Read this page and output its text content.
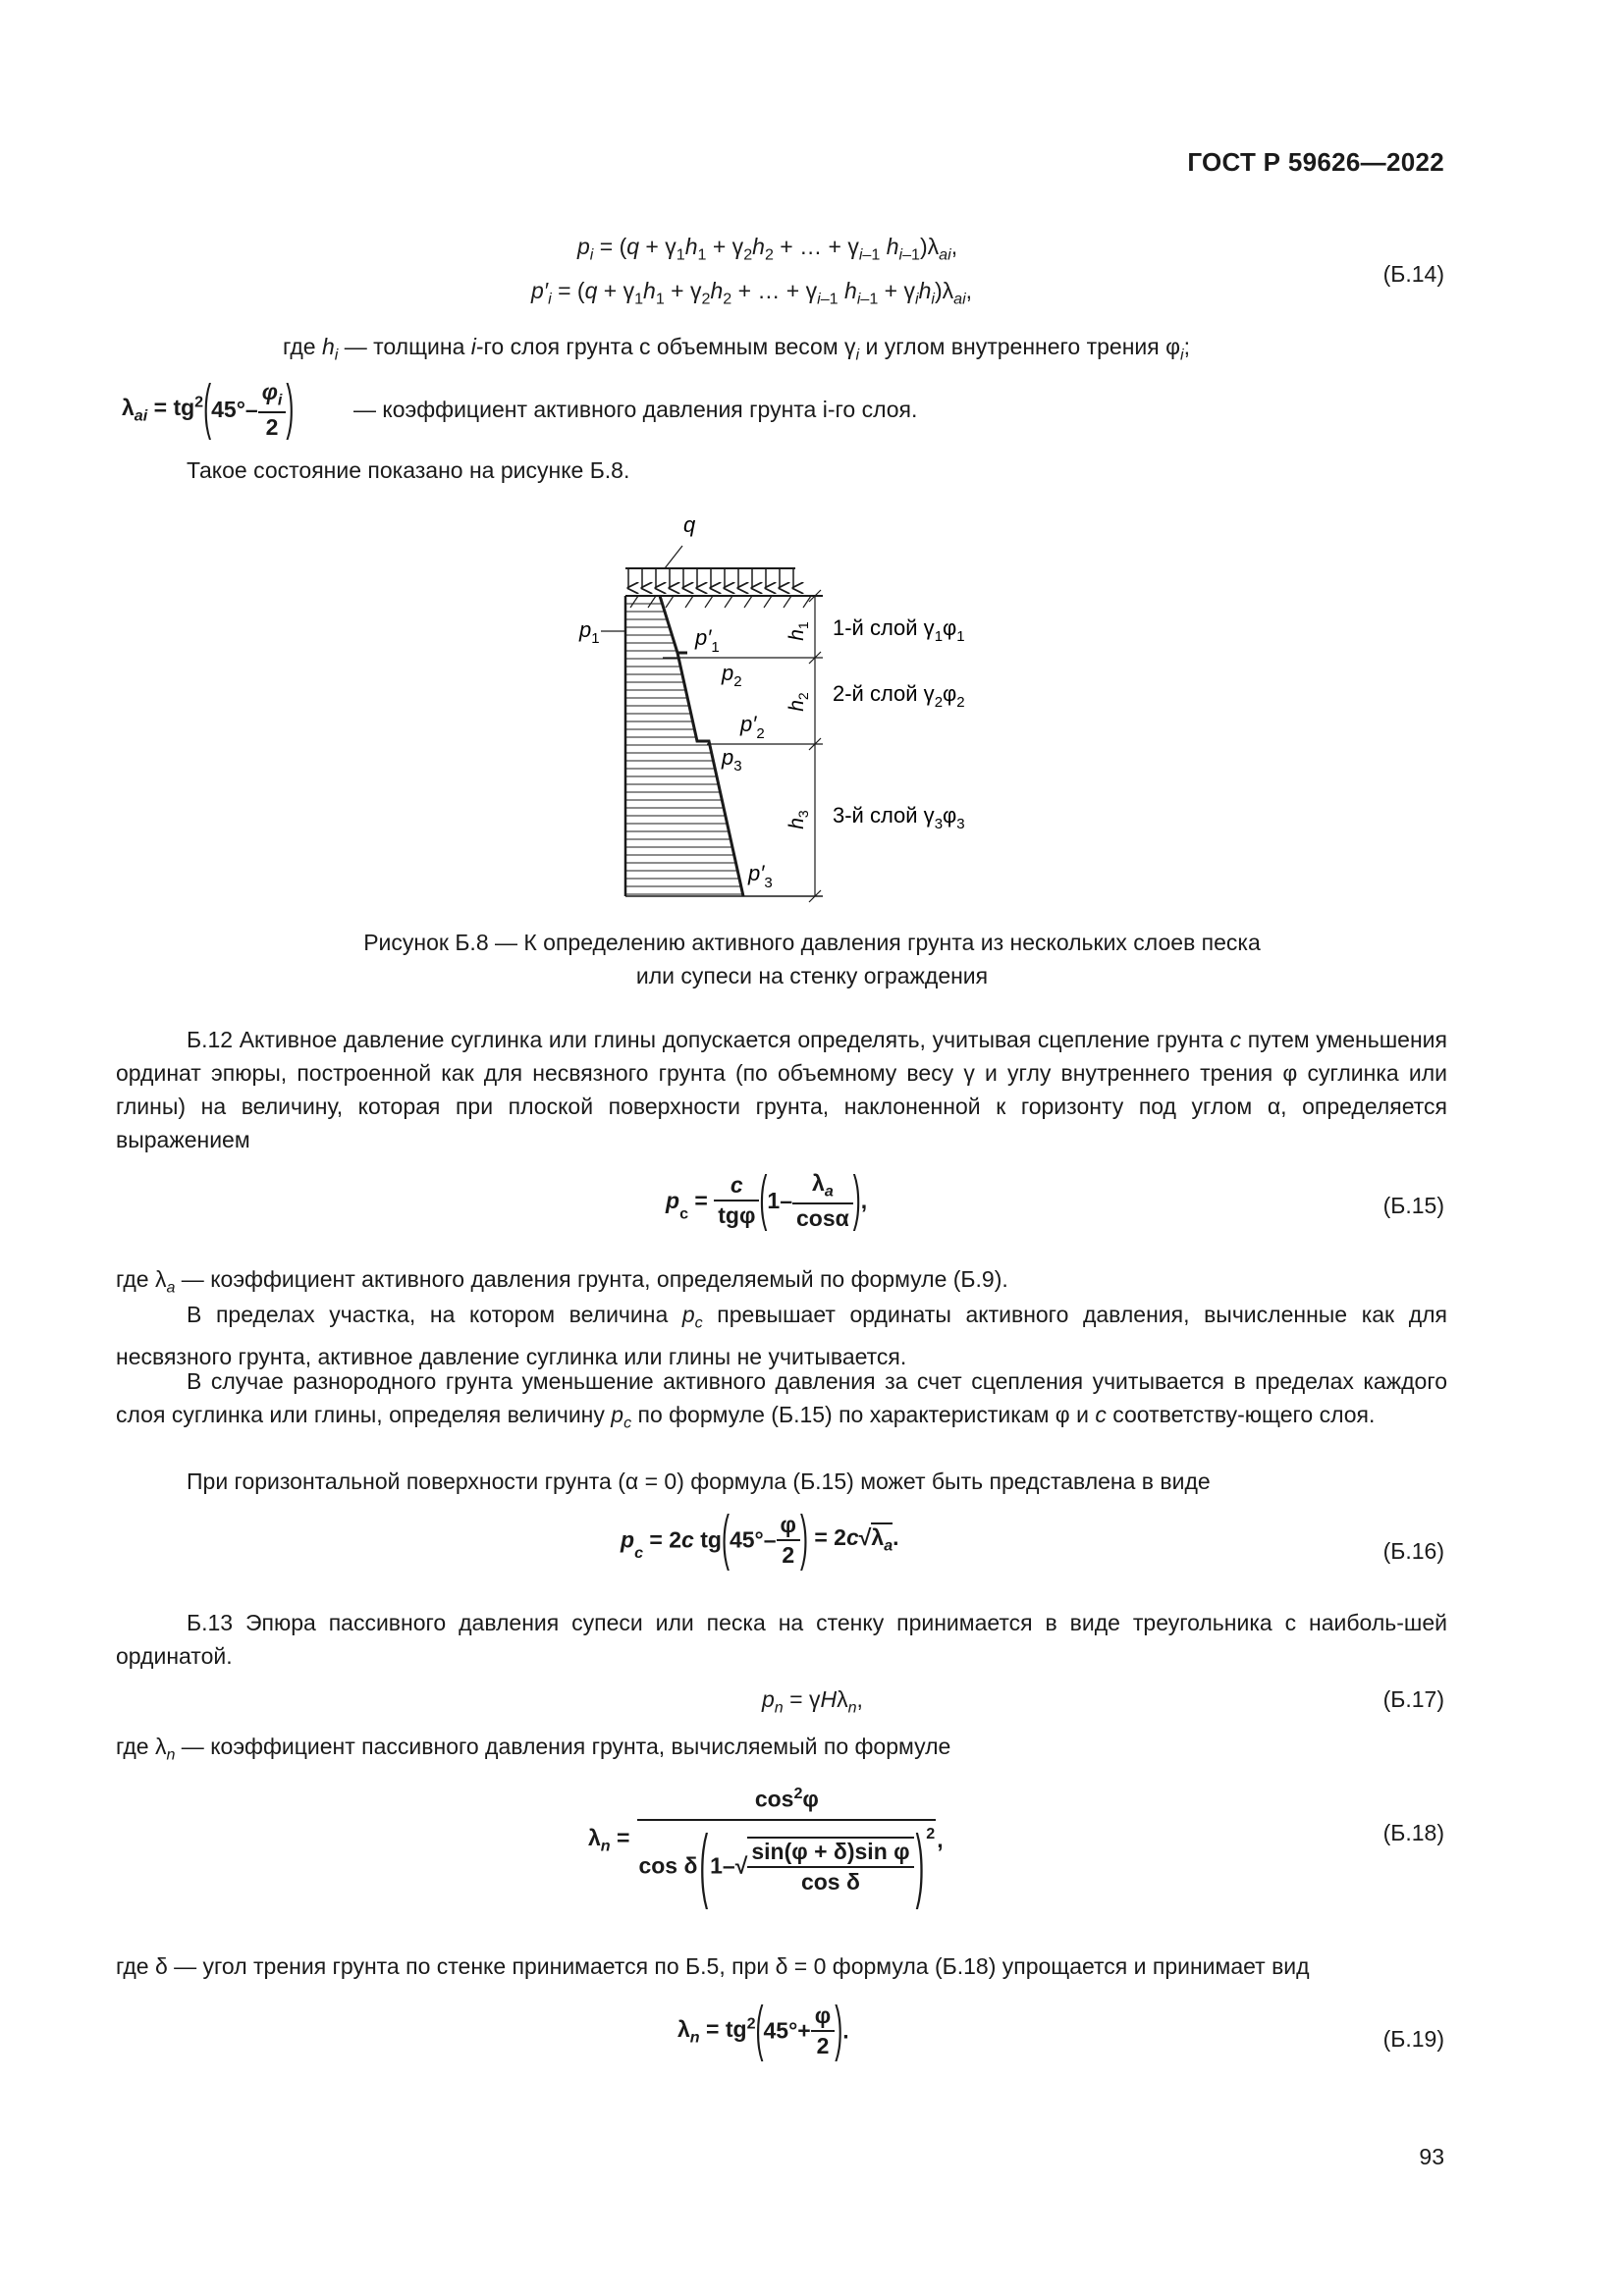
ГОСТ Р 59626—2022
$p_i = (q + \gamma_1h_1 + \gamma_2h_2$ + … + $\gamma_{i-1}$ $h_{i-1})\lambda_{ai}$,
$p'_i = (q + \gamma_1h_1 + \gamma_2h_2$ + … + $\gamma_{i-1}$ $h_{i-1} + \gamma_ih_i)\lambda_{ai}$,
(Б.14)
где $h_i$ — толщина i-го слоя грунта с объемным весом $\gamma_i$ и углом внутреннего трения $\varphi_i$;
$\lambda_{ai} = tg^2(45^\circ- \frac{\varphi_i}{2}$ )	— коэффициент активного давления грунта i-го слоя.
Такое состояние показано на рисунке Б.8.
q
$p_1$	$p'_1$
$p_2$
$p'_2$
$p_3$
$p'_3$
$h_1$
$h_2$
$h_3$
1-й слой $\gamma_1\varphi_1$
2-й слой $\gamma_2\varphi_2$
3-й слой $\gamma_3\varphi_3$
Рисунок Б.8 — К определению активного давления грунта из нескольких слоев песка
или супеси на стенку ограждения
Б.12 Активное давление суглинка или глины допускается определять, учитывая сцепление грунта c путем уменьшения ординат эпюры, построенной как для несвязного грунта (по объемному весу γ и углу внутреннего трения φ суглинка или глины) на величину, которая при плоской поверхности грунта, наклоненной к горизонту под углом α, определяется выражением
$p_c = \frac{c}{\text{tgφ}} (1- \frac{\lambda_a}{\cos\alpha}$ ),	(Б.15)
где $\lambda_a$ — коэффициент активного давления грунта, определяемый по формуле (Б.9).
В пределах участка, на котором величина $p_c$ превышает ординаты активного давления, вычисленные как для несвязного грунта, активное давление суглинка или глины не учитывается.
В случае разнородного грунта уменьшение активного давления за счет сцепления учитывается в пределах каждого слоя суглинка или глины, определяя величину $p_c$ по формуле (Б.15) по характеристикам φ и c соответству-ющего слоя.
При горизонтальной поверхности грунта (α = 0) формула (Б.15) может быть представлена в виде
$p_c = 2c$ $tg(45^\circ- \frac{\varphi}{2}$ ) = $2c√\lambda_a$.
(Б.16)
Б.13 Эпюра пассивного давления супеси или песка на стенку принимается в виде треугольника с наиболь-шей ординатой.
$p_n = \gamma H\lambda_n$,	(Б.17)
где $\lambda_n$ — коэффициент пассивного давления грунта, вычисляемый по формуле
$\lambda_n$ =	$\cos^2\varphi$	,
$\cos \delta(1-√ \frac{\text{sin(φ + δ)sin φ}}{\text{cos δ}}$ ) $^2$	(Б.18)
где δ — угол трения грунта по стенке принимается по Б.5, при δ = 0 формула (Б.18) упрощается и принимает вид
$\lambda_n = tg^2(45^\circ+ \frac{\varphi}{2}$ ).	(Б.19)
93
